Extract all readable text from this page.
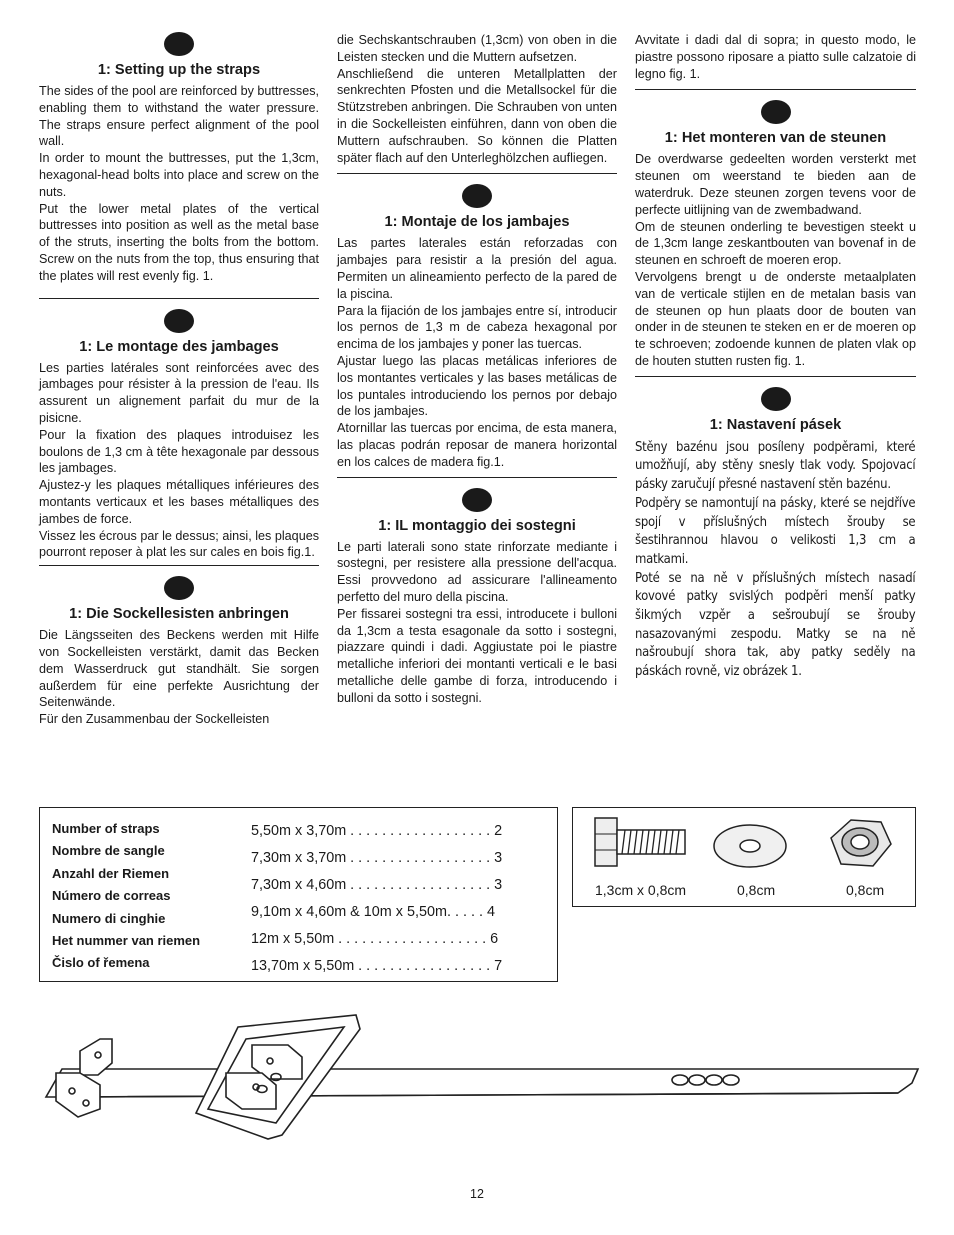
1: Setting up the straps

The sides of the pool are reinforced by buttresses, enabling them to withstand the water pressure. The straps ensure perfect alignment of the pool wall.
In order to mount the buttresses, put the 1,3cm, hexagonal-head bolts into place and screw on the nuts.
Put the lower metal plates of the vertical buttresses into position as well as the metal base of the struts, inserting the bolts from the bottom. Screw on the nuts from the top, thus ensuring that the plates will rest evenly fig. 1.

1: Le montage des jambages

Les parties latérales sont reinforcées avec des jambages pour résister à la pression de l'eau. Ils assurent un alignement parfait du mur de la pisicne.
Pour la fixation des plaques introduisez les boulons de 1,3 cm à tête hexagonale par dessous les jambages.
Ajustez-y les plaques métalliques inférieures des montants verticaux et les bases métalliques des jambes de force.
Vissez les écrous par le dessus; ainsi, les plaques pourront reposer à plat les sur cales en bois fig.1.

1: Die Sockellesisten anbringen

Die Längsseiten des Beckens werden mit Hilfe von Sockelleisten verstärkt, damit das Becken dem Wasserdruck gut standhält. Sie sorgen außerdem für eine perfekte Ausrichtung der Seitenwände.
Für den Zusammenbau der Sockelleisten

die Sechskantschrauben (1,3cm) von oben in die Leisten stecken und die Muttern aufsetzen.
Anschließend die unteren Metallplatten der senkrechten Pfosten und die Metallsockel für die Stützstreben anbringen. Die Schrauben von unten in die Sockelleisten einführen, dann von oben die Muttern aufschrauben. So können die Platten später flach auf den Unterleghölzchen aufliegen.

1: Montaje de los jambajes

Las partes laterales están reforzadas con jambajes para resistir a la presión del agua. Permiten un alineamiento perfecto de la pared de la piscina.
Para la fijación de los jambajes entre sí, introducir los pernos de 1,3 m de cabeza hexagonal por encima de los jambajes y poner las tuercas.
Ajustar luego las placas metálicas inferiores de los montantes verticales y las bases metálicas de los puntales introduciendo los pernos por debajo de los jambajes.
Atornillar las tuercas por encima, de esta manera, las placas podrán reposar de manera horizontal en los calces de madera fig.1.

1: IL montaggio dei sostegni

Le parti laterali sono state rinforzate mediante i sostegni, per resistere alla pressione dell'acqua. Essi provvedono ad assicurare l'allineamento perfetto del muro della piscina.
Per fissarei sostegni tra essi, introducete i bulloni da 1,3cm a testa esagonale da sotto i sostegni, piazzare quindi i dadi. Aggiustate poi le piastre metalliche inferiori dei montanti verticali e le basi metalliche delle gambe di forza, introducendo i bulloni da sotto i sostegni.

Avvitate i dadi dal di sopra; in questo modo, le piastre possono riposare a piatto sulle calzatoie di legno fig. 1.

1: Het monteren van de steunen

De overdwarse gedeelten worden versterkt met steunen om weerstand te bieden aan de waterdruk. Deze steunen zorgen tevens voor de perfecte uitlijning van de zwembadwand.
Om de steunen onderling te bevestigen steekt u de 1,3cm lange zeskantbouten van bovenaf in de steunen en schroeft de moeren erop.
Vervolgens brengt u de onderste metaalplaten van de verticale stijlen en de metalan basis van de steunen op hun plaats door de bouten van onder in de steunen te steken en er de moeren op te schroeven; zodoende kunnen de platen vlak op de houten stutten rusten fig. 1.

1: Nastavení pásek

Stěny bazénu jsou posíleny podpěrami, které umožňují, aby stěny snesly tlak vody. Spojovací pásky zaručují přesné nastavení stěn bazénu.
Podpěry se namontují na pásky, které se nejdříve spojí v příslušných místech šrouby se šestihrannou hlavou o velikosti 1,3 cm a matkami.
Poté se na ně v příslušných místech nasadí kovové patky svislých podpěri menší patky šikmých vzpěr a sešroubují se šrouby nasazovanými zespodu. Matky se na ně našroubují shora tak, aby patky seděly na páskách rovně, viz obrázek 1.

Number of straps
Nombre de sangle
Anzahl der Riemen
Número de correas
Numero di cinghie
Het nummer van riemen
Čislo of řemena
5,50m x 3,70m . . . . . . . . . . . . . . . . . . 2
7,30m x 3,70m . . . . . . . . . . . . . . . . . . 3
7,30m x 4,60m . . . . . . . . . . . . . . . . . . 3
9,10m x 4,60m & 10m x 5,50m. . . . . 4
12m x 5,50m . . . . . . . . . . . . . . . . . . . 6
13,70m x 5,50m . . . . . . . . . . . . . . . . . 7
1,3cm x 0,8cm	0,8cm	0,8cm
12
